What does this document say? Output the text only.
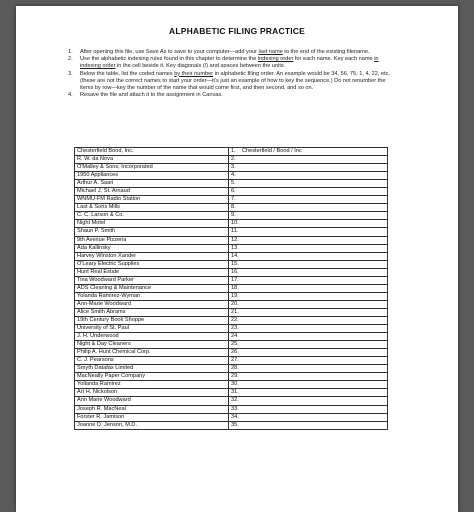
ALPHABETIC FILING PRACTICE
1. After opening this file, use Save As to save to your computer—add your last name to the end of the existing filename.
2. Use the alphabetic indexing rules found in this chapter to determine the indexing order for each name. Key each name in indexing order in the cell beside it. Key diagonals (/) and spaces between the units.
3. Below the table, list the coded names by their number in alphabetic filing order. An example would be 34, 56, 75, 1, 4, 22, etc. (these are not the correct names to start your order—it's just an example of how to key the sequence.) Do not renumber the items by row—key the number of the name that would come first, and then second, and so on.
4. Resave the file and attach it to the assignment in Canvas.
Chesterfield Bond, Inc.	1. Chesterfield / Bond / Inc
R. W. da Nova	2.
O'Malley & Sons, Incorporated	3.
1950 Appliances	4.
Arthur A. Saari	5.
Michael J. St. Arnaud	6.
WNMU-FM Radio Station	7.
Last & Sons Mills	8.
C. C. Larson & Co.	9.
Night Motel	10.
Shaun P. Smith	11.
9th Avenue Pizzeria	12.
Ada Kallinsky	13.
Harvey Winston Xander	14.
O'Leary Electric Supplies	15.
Hunt Real Estate	16.
Tina Woodward Parker	17.
ADS Cleaning & Maintenance	18.
Yolanda Ramirez-Wyman	19.
Ann-Marie Woodward	20.
Alice Smith Abrams	21.
19th Century Book Shoppe	22.
University of St. Paul	23.
J. H. Underwood	24.
Night & Day Cleaners	25.
Philip A. Hunt Chemical Corp.	26.
C. J. Pearsons	27.
Smyth Datafax Limited	28.
MacNeally Paper Company	29.
Yollanda Ramirez	30.
Art H. Nickolson	31.
Ann Marie Woodward	32.
Joseph R. MacNeal	33.
Forster R. Jamison	34.
Joanne D. Jenson, M.D.	35.
